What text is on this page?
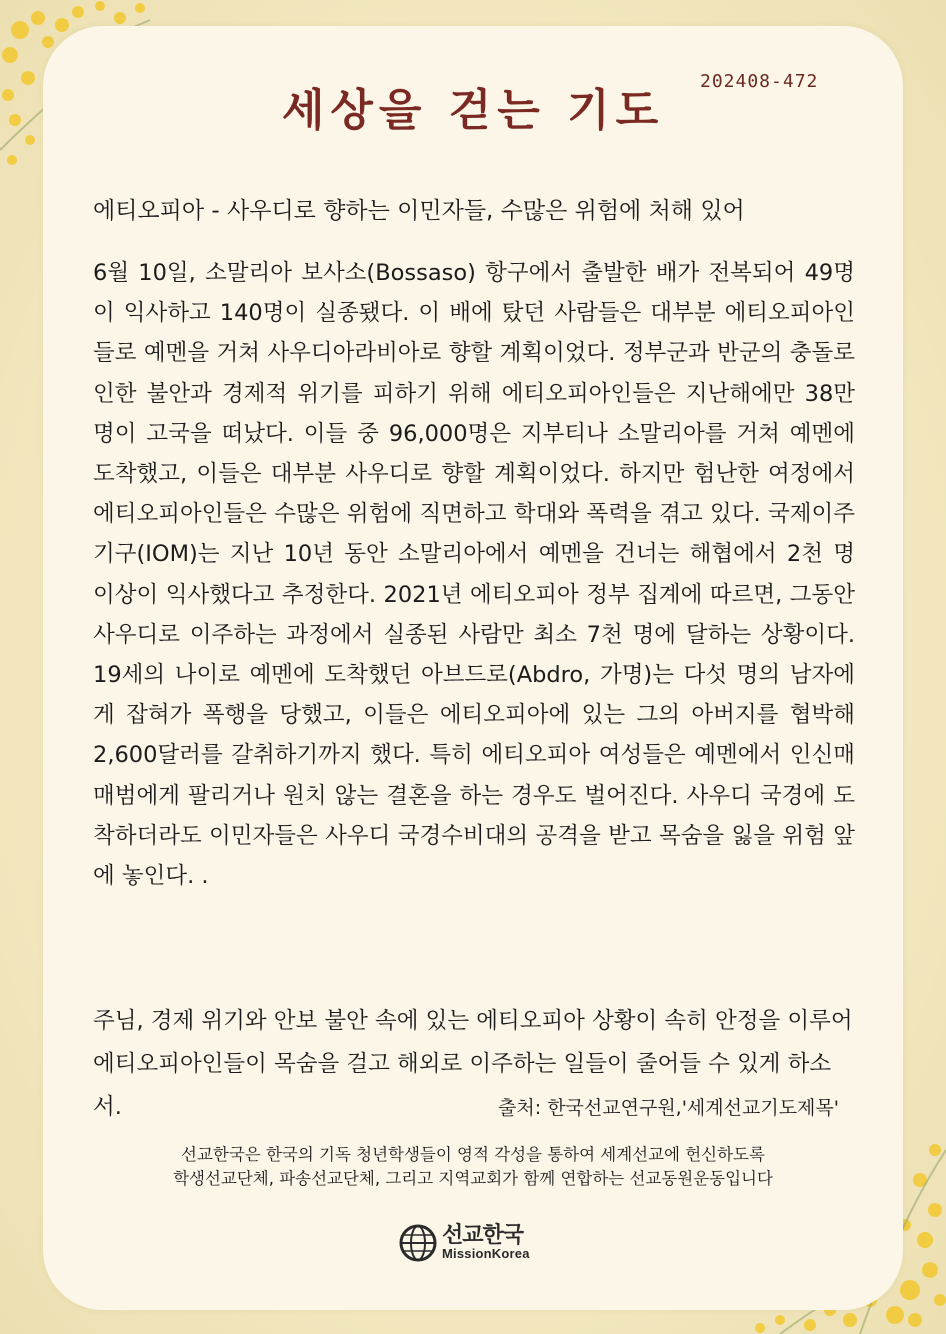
세상을 걷는 기도
202408-472
에티오피아 - 사우디로 향하는 이민자들, 수많은 위험에 처해 있어

6월 10일, 소말리아 보사소(Bossaso) 항구에서 출발한 배가 전복되어 49명이 익사하고 140명이 실종됐다. 이 배에 탔던 사람들은 대부분 에티오피아인들로 예멘을 거쳐 사우디아라비아로 향할 계획이었다. 정부군과 반군의 충돌로 인한 불안과 경제적 위기를 피하기 위해 에티오피아인들은 지난해에만 38만 명이 고국을 떠났다. 이들 중 96,000명은 지부티나 소말리아를 거쳐 예멘에 도착했고, 이들은 대부분 사우디로 향할 계획이었다. 하지만 험난한 여정에서 에티오피아인들은 수많은 위험에 직면하고 학대와 폭력을 겪고 있다. 국제이주기구(IOM)는 지난 10년 동안 소말리아에서 예멘을 건너는 해협에서 2천 명 이상이 익사했다고 추정한다. 2021년 에티오피아 정부 집계에 따르면, 그동안 사우디로 이주하는 과정에서 실종된 사람만 최소 7천 명에 달하는 상황이다. 19세의 나이로 예멘에 도착했던 아브드로(Abdro, 가명)는 다섯 명의 남자에게 잡혀가 폭행을 당했고, 이들은 에티오피아에 있는 그의 아버지를 협박해 2,600달러를 갈취하기까지 했다. 특히 에티오피아 여성들은 예멘에서 인신매매범에게 팔리거나 원치 않는 결혼을 하는 경우도 벌어진다. 사우디 국경에 도착하더라도 이민자들은 사우디 국경수비대의 공격을 받고 목숨을 잃을 위험 앞에 놓인다. .

주님, 경제 위기와 안보 불안 속에 있는 에티오피아 상황이 속히 안정을 이루어 에티오피아인들이 목숨을 걸고 해외로 이주하는 일들이 줄어들 수 있게 하소서.	출처: 한국선교연구원,'세계선교기도제목'
선교한국은 한국의 기독 청년학생들이 영적 각성을 통하여 세계선교에 헌신하도록
학생선교단체, 파송선교단체, 그리고 지역교회가 함께 연합하는 선교동원운동입니다
선교한국
MissionKorea
